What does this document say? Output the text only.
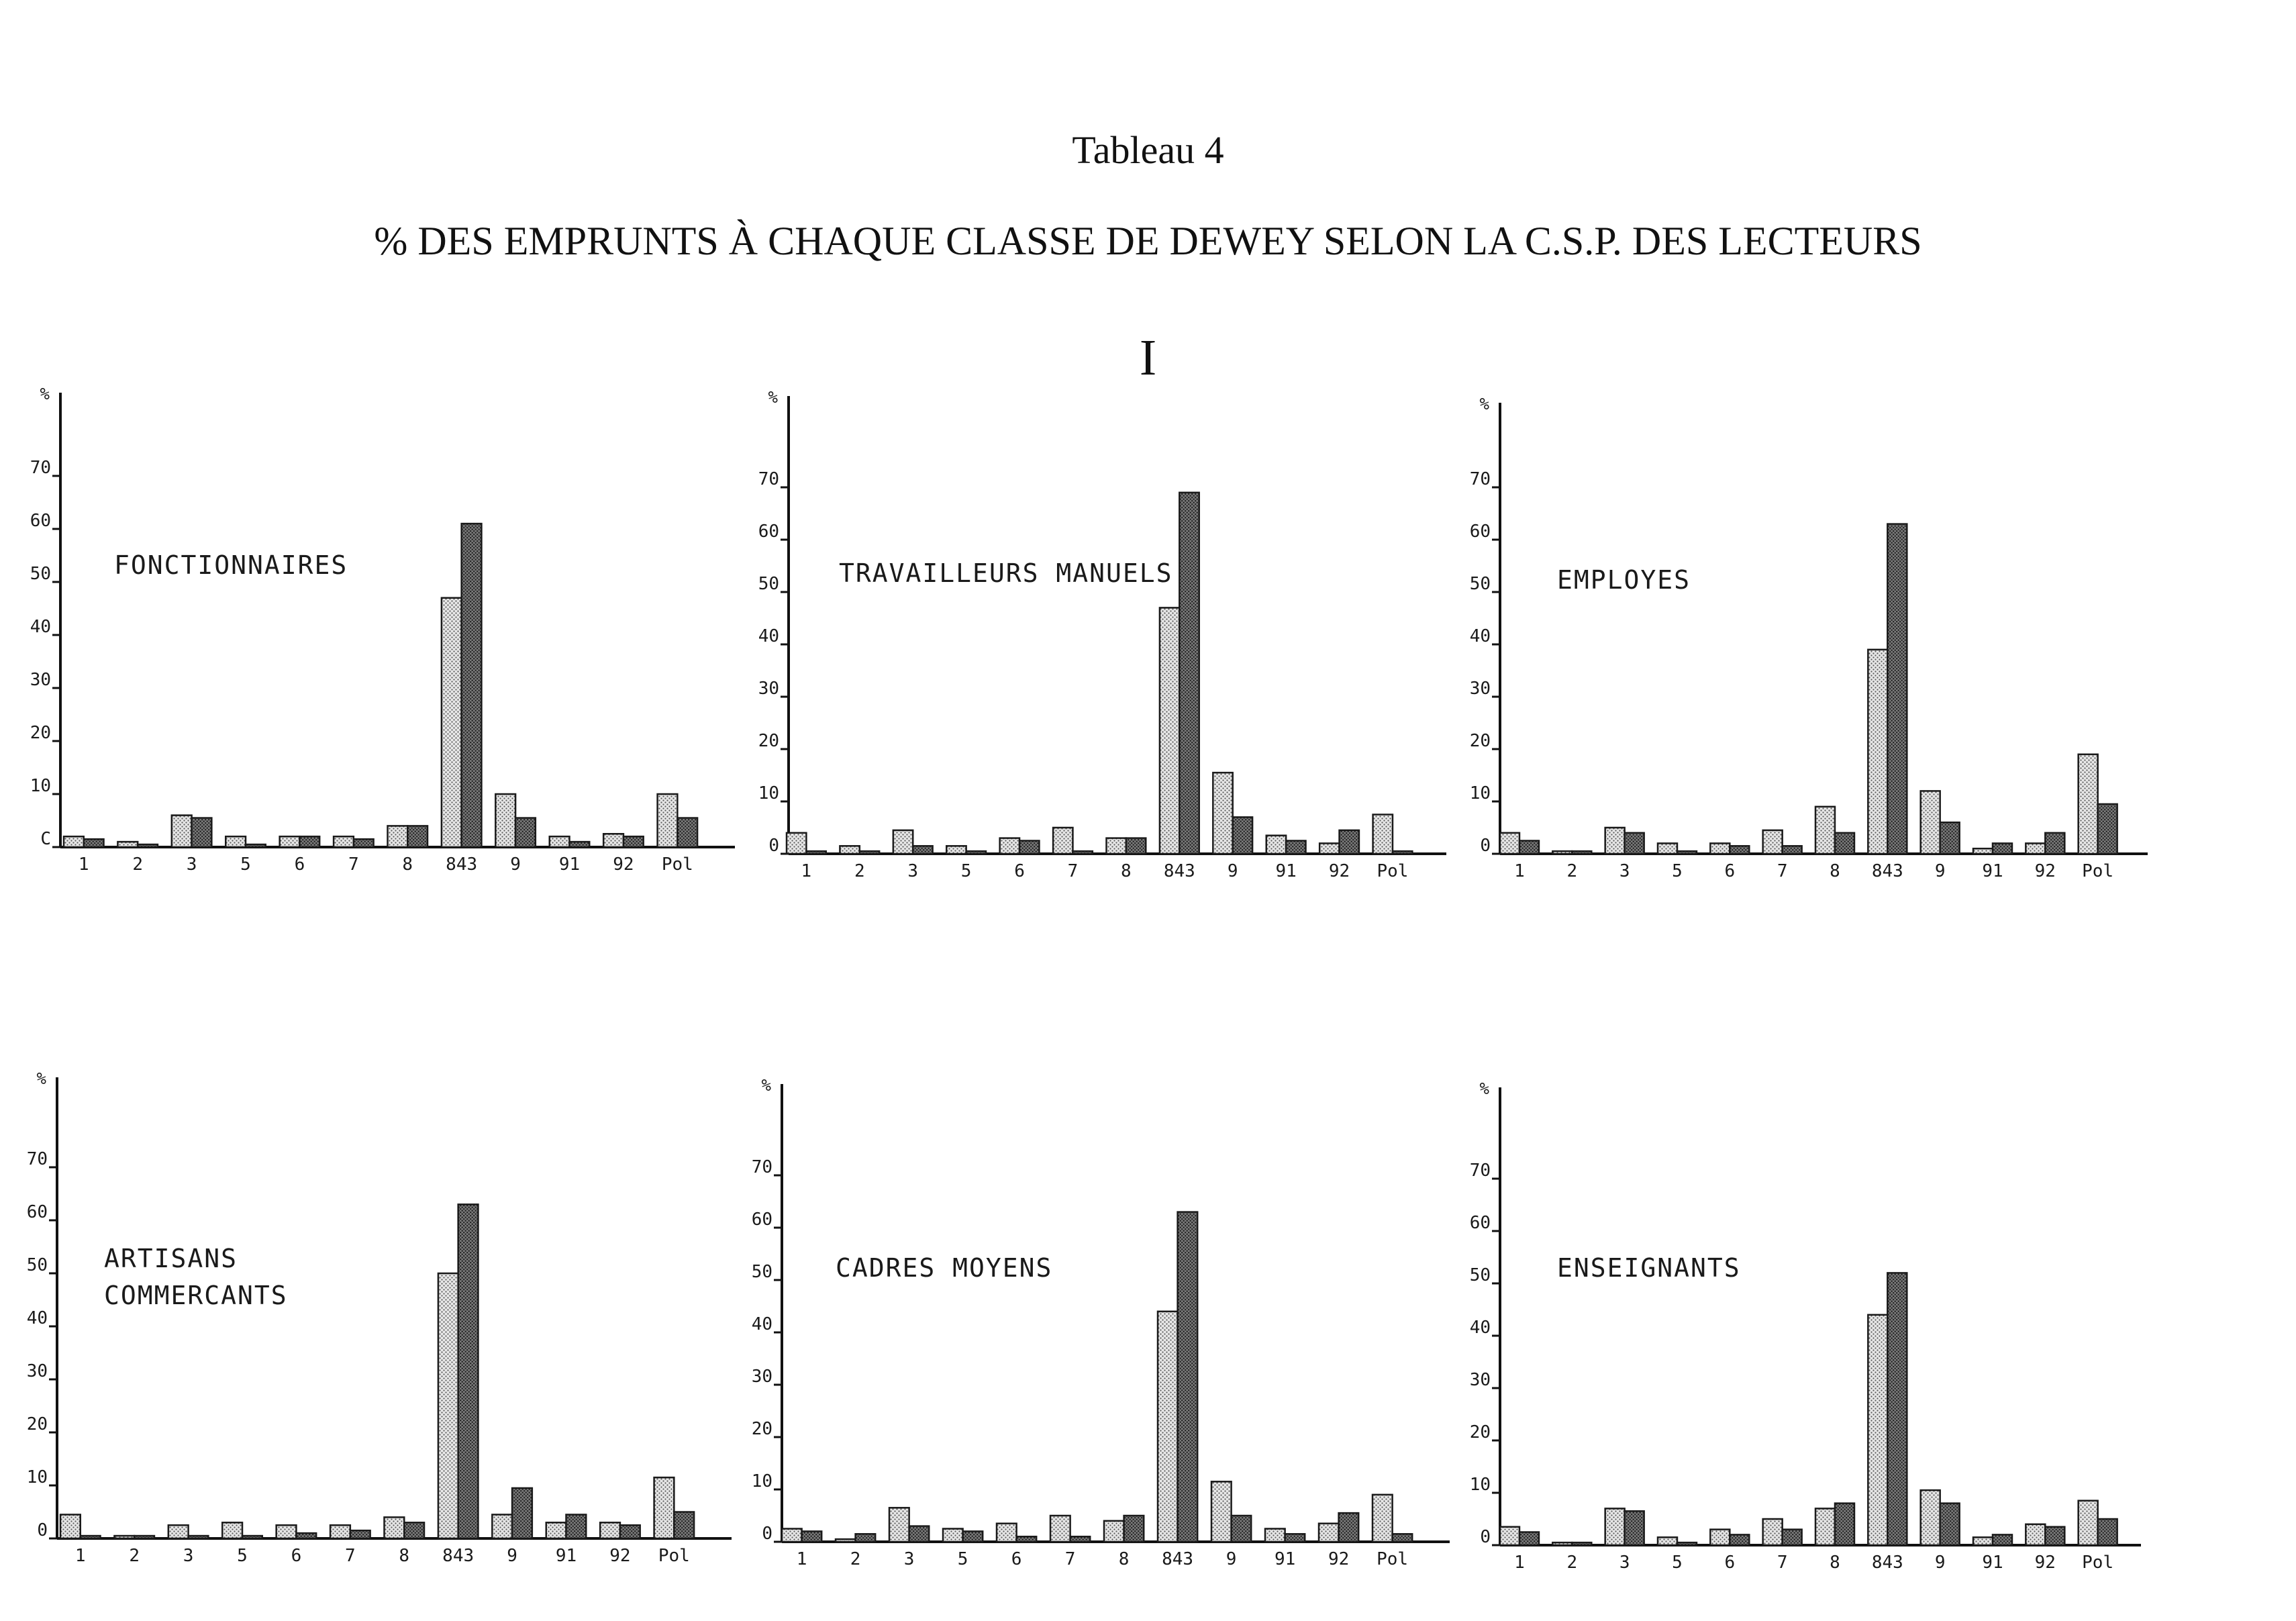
Tableau 4
% DES EMPRUNTS À CHAQUE CLASSE DE DEWEY SELON LA C.S.P. DES LECTEURS
I
%
C
10
20
30
40
50
60
70
1 2 3 5 6 7 8 843 9 91 92 Pol
FONCTIONNAIRES
%
0
10
20
30
40
50
60
70
1 2 3 5 6 7 8 843 9 91 92 Pol
TRAVAILLEURS MANUELS
%
0
10
20
30
40
50
60
70
1 2 3 5 6 7 8 843 9 91 92 Pol
EMPLOYES
%
0
10
20
30
40
50
60
70
1 2 3 5 6 7 8 843 9 91 92 Pol
ARTISANS
COMMERCANTS
%
0
10
20
30
40
50
60
70
1 2 3 5 6 7 8 843 9 91 92 Pol
CADRES MOYENS
%
0
10
20
30
40
50
60
70
1 2 3 5 6 7 8 843 9 91 92 Pol
ENSEIGNANTS
